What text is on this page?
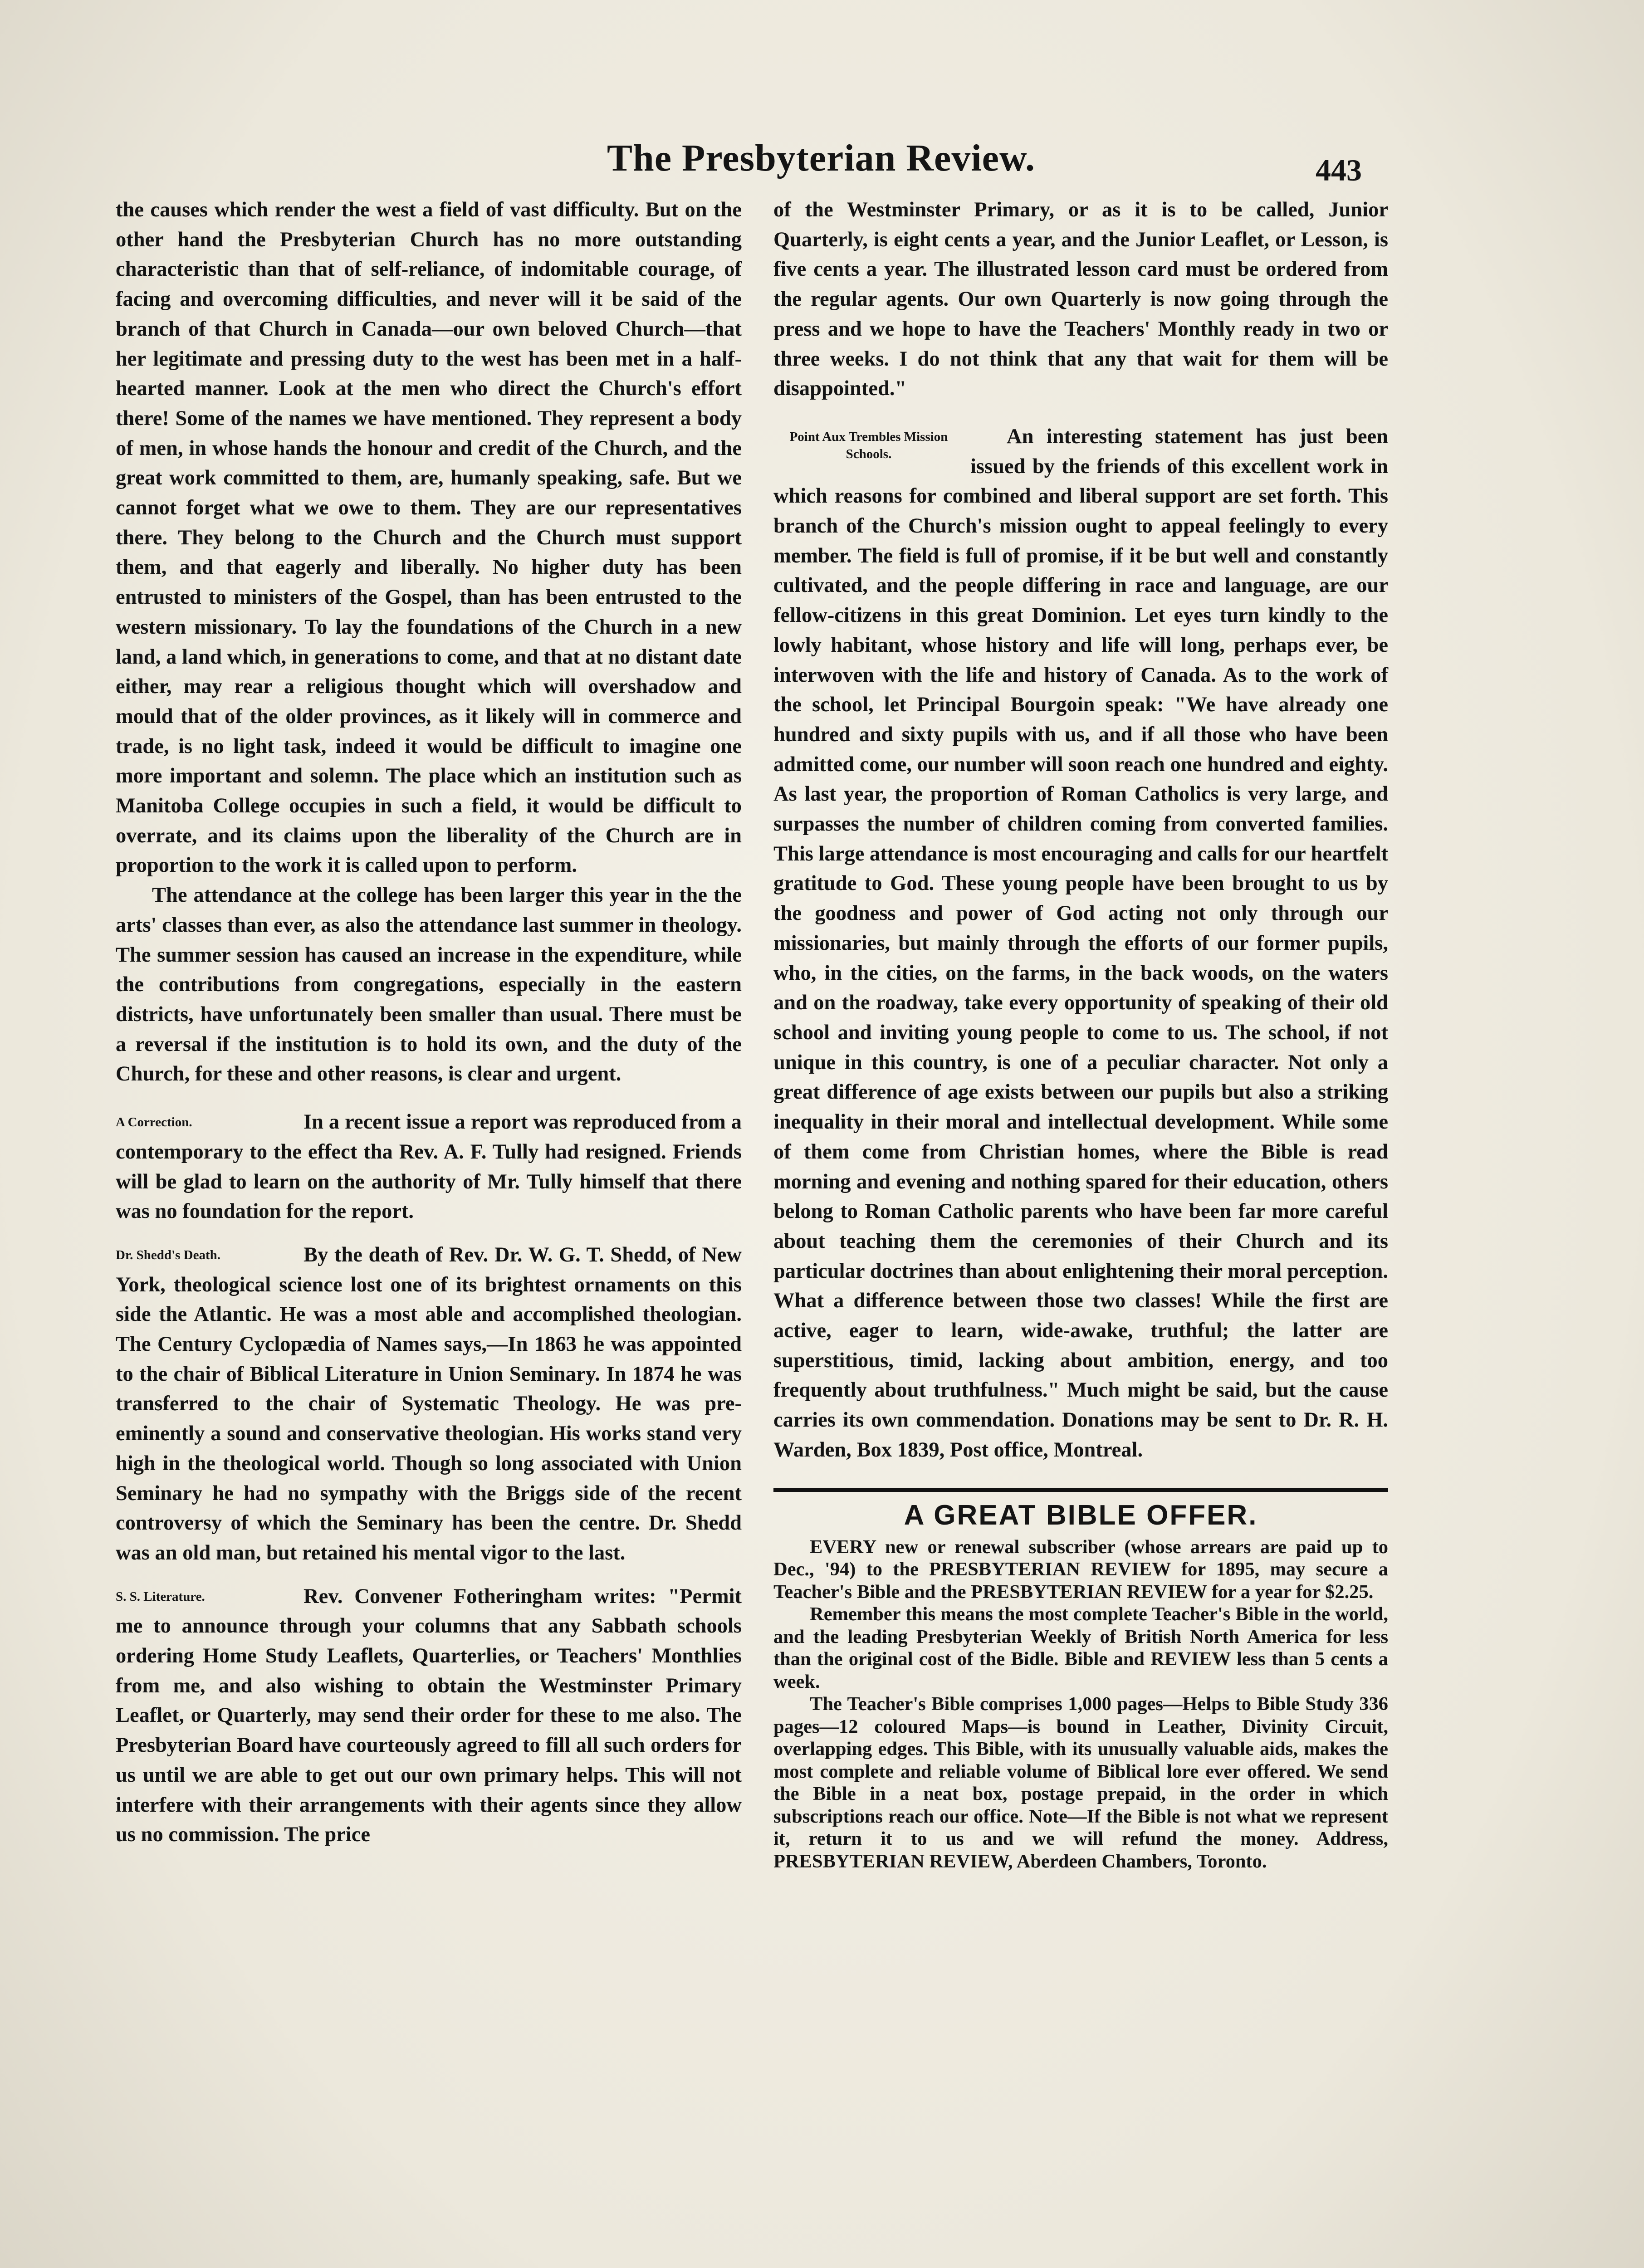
The Presbyterian Review.	443

the causes which render the west a field of vast difficulty. But on the other hand the Presbyterian Church has no more outstanding characteristic than that of self-reliance, of indomitable courage, of facing and overcoming difficulties, and never will it be said of the branch of that Church in Canada—our own beloved Church—that her legitimate and pressing duty to the west has been met in a half-hearted manner. Look at the men who direct the Church's effort there! Some of the names we have mentioned. They represent a body of men, in whose hands the honour and credit of the Church, and the great work committed to them, are, humanly speaking, safe. But we cannot forget what we owe to them. They are our representatives there. They belong to the Church and the Church must support them, and that eagerly and liberally. No higher duty has been entrusted to ministers of the Gospel, than has been entrusted to the western missionary. To lay the foundations of the Church in a new land, a land which, in generations to come, and that at no distant date either, may rear a religious thought which will overshadow and mould that of the older provinces, as it likely will in commerce and trade, is no light task, indeed it would be difficult to imagine one more important and solemn. The place which an institution such as Manitoba College occupies in such a field, it would be difficult to overrate, and its claims upon the liberality of the Church are in proportion to the work it is called upon to perform.

The attendance at the college has been larger this year in the the arts' classes than ever, as also the attendance last summer in theology. The summer session has caused an increase in the expenditure, while the contributions from congregations, especially in the eastern districts, have unfortunately been smaller than usual. There must be a reversal if the institution is to hold its own, and the duty of the Church, for these and other reasons, is clear and urgent.

A Correction.	In a recent issue a report was reproduced from a contemporary to the effect tha Rev. A. F. Tully had resigned. Friends will be glad to learn on the authority of Mr. Tully himself that there was no foundation for the report.

Dr. Shedd's Death.	By the death of Rev. Dr. W. G. T. Shedd, of New York, theological science lost one of its brightest ornaments on this side the Atlantic. He was a most able and accomplished theologian. The Century Cyclopædia of Names says,—In 1863 he was appointed to the chair of Biblical Literature in Union Seminary. In 1874 he was transferred to the chair of Systematic Theology. He was pre-eminently a sound and conservative theologian. His works stand very high in the theological world. Though so long associated with Union Seminary he had no sympathy with the Briggs side of the recent controversy of which the Seminary has been the centre. Dr. Shedd was an old man, but retained his mental vigor to the last.

S. S. Literature.	Rev. Convener Fotheringham writes: "Permit me to announce through your columns that any Sabbath schools ordering Home Study Leaflets, Quarterlies, or Teachers' Monthlies from me, and also wishing to obtain the Westminster Primary Leaflet, or Quarterly, may send their order for these to me also. The Presbyterian Board have courteously agreed to fill all such orders for us until we are able to get out our own primary helps. This will not interfere with their arrangements with their agents since they allow us no commission. The price

of the Westminster Primary, or as it is to be called, Junior Quarterly, is eight cents a year, and the Junior Leaflet, or Lesson, is five cents a year. The illustrated lesson card must be ordered from the regular agents. Our own Quarterly is now going through the press and we hope to have the Teachers' Monthly ready in two or three weeks. I do not think that any that wait for them will be disappointed."

Point Aux Trembles Mission Schools.

An interesting statement has just been issued by the friends of this excellent work in which reasons for combined and liberal support are set forth. This branch of the Church's mission ought to appeal feelingly to every member. The field is full of promise, if it be but well and constantly cultivated, and the people differing in race and language, are our fellow-citizens in this great Dominion. Let eyes turn kindly to the lowly habitant, whose history and life will long, perhaps ever, be interwoven with the life and history of Canada. As to the work of the school, let Principal Bourgoin speak: "We have already one hundred and sixty pupils with us, and if all those who have been admitted come, our number will soon reach one hundred and eighty. As last year, the proportion of Roman Catholics is very large, and surpasses the number of children coming from converted families. This large attendance is most encouraging and calls for our heartfelt gratitude to God. These young people have been brought to us by the goodness and power of God acting not only through our missionaries, but mainly through the efforts of our former pupils, who, in the cities, on the farms, in the back woods, on the waters and on the roadway, take every opportunity of speaking of their old school and inviting young people to come to us. The school, if not unique in this country, is one of a peculiar character. Not only a great difference of age exists between our pupils but also a striking inequality in their moral and intellectual development. While some of them come from Christian homes, where the Bible is read morning and evening and nothing spared for their education, others belong to Roman Catholic parents who have been far more careful about teaching them the ceremonies of their Church and its particular doctrines than about enlightening their moral perception. What a difference between those two classes! While the first are active, eager to learn, wide-awake, truthful; the latter are superstitious, timid, lacking about ambition, energy, and too frequently about truthfulness." Much might be said, but the cause carries its own commendation. Donations may be sent to Dr. R. H. Warden, Box 1839, Post office, Montreal.

A GREAT BIBLE OFFER.

EVERY new or renewal subscriber (whose arrears are paid up to Dec., '94) to the PRESBYTERIAN REVIEW for 1895, may secure a Teacher's Bible and the PRESBYTERIAN REVIEW for a year for $2.25.

Remember this means the most complete Teacher's Bible in the world, and the leading Presbyterian Weekly of British North America for less than the original cost of the Bidle. Bible and REVIEW less than 5 cents a week.

The Teacher's Bible comprises 1,000 pages—Helps to Bible Study 336 pages—12 coloured Maps—is bound in Leather, Divinity Circuit, overlapping edges. This Bible, with its unusually valuable aids, makes the most complete and reliable volume of Biblical lore ever offered. We send the Bible in a neat box, postage prepaid, in the order in which subscriptions reach our office. Note—If the Bible is not what we represent it, return it to us and we will refund the money. Address, PRESBYTERIAN REVIEW, Aberdeen Chambers, Toronto.
